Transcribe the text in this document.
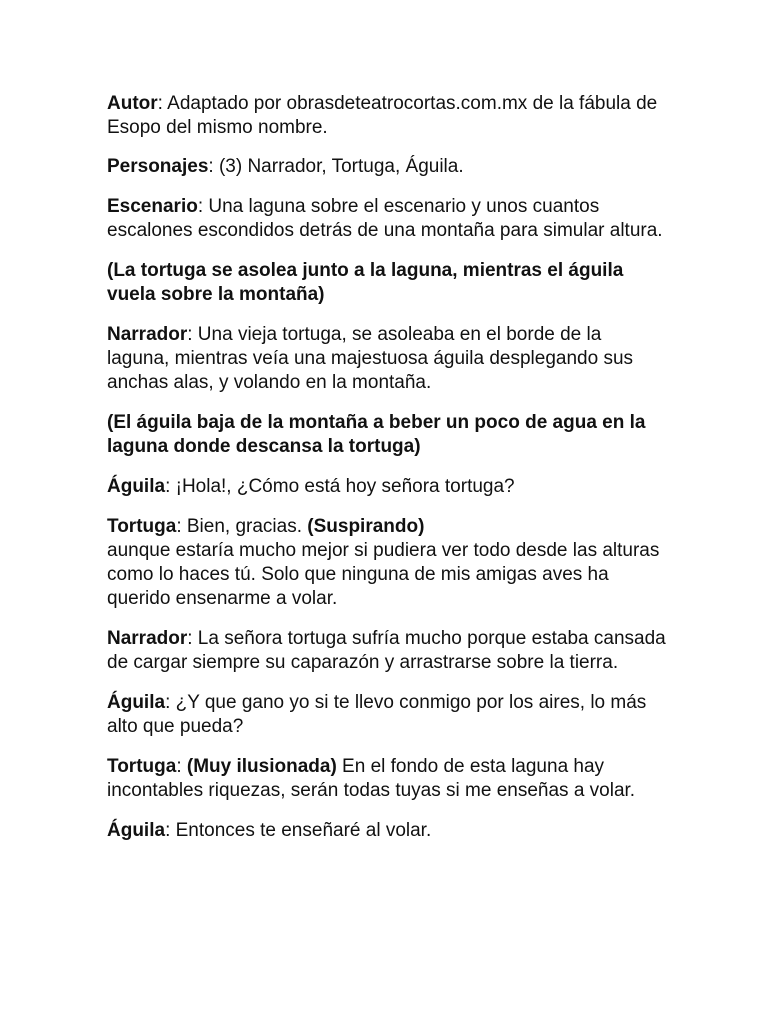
Autor: Adaptado por obrasdeteatrocortas.com.mx de la fábula de Esopo del mismo nombre.

Personajes: (3) Narrador, Tortuga, Águila.

Escenario: Una laguna sobre el escenario y unos cuantos escalones escondidos detrás de una montaña para simular altura.

(La tortuga se asolea junto a la laguna, mientras el águila vuela sobre la montaña)

Narrador: Una vieja tortuga, se asoleaba en el borde de la laguna, mientras veía una majestuosa águila desplegando sus anchas alas, y volando en la montaña.

(El águila baja de la montaña a beber un poco de agua en la laguna donde descansa la tortuga)

Águila: ¡Hola!, ¿Cómo está hoy señora tortuga?

Tortuga: Bien, gracias. (Suspirando)
aunque estaría mucho mejor si pudiera ver todo desde las alturas como lo haces tú. Solo que ninguna de mis amigas aves ha querido ensenarme a volar.

Narrador: La señora tortuga sufría mucho porque estaba cansada de cargar siempre su caparazón y arrastrarse sobre la tierra.

Águila: ¿Y que gano yo si te llevo conmigo por los aires, lo más alto que pueda?

Tortuga: (Muy ilusionada) En el fondo de esta laguna hay incontables riquezas, serán todas tuyas si me enseñas a volar.

Águila: Entonces te enseñaré al volar.
